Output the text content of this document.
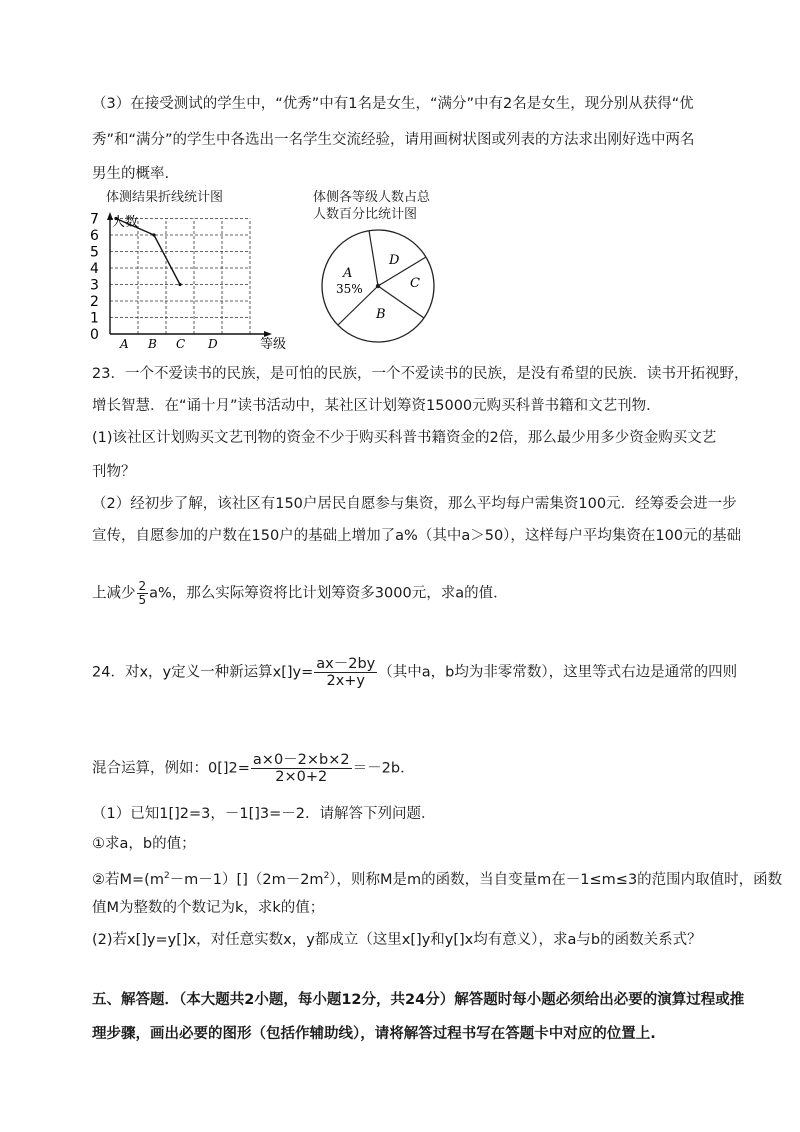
（3）在接受测试的学生中，“优秀”中有1名是女生，“满分”中有2名是女生，现分别从获得“优
秀”和“满分”的学生中各选出一名学生交流经验，请用画树状图或列表的方法求出刚好选中两名
男生的概率.
体测结果折线统计图
0
1
2
3
4
5
6
7
A B C D
人数
等级
体侧各等级人数占总
人数百分比统计图
A
35%
D
C
B
23．一个不爱读书的民族，是可怕的民族，一个不爱读书的民族，是没有希望的民族．读书开拓视野，
增长智慧．在“诵十月”读书活动中，某社区计划筹资15000元购买科普书籍和文艺刊物．
(1)该社区计划购买文艺刊物的资金不少于购买科普书籍资金的2倍，那么最少用多少资金购买文艺
刊物？
（2）经初步了解，该社区有150户居民自愿参与集资，那么平均每户需集资100元．经筹委会进一步
宣传，自愿参加的户数在150户的基础上增加了a%（其中a＞50），这样每户平均集资在100元的基础
上减少 $\frac{2}{5} a\%$，那么实际筹资将比计划筹资多3000元，求a的值．
24．对x，y定义一种新运算$x[]y= \frac{ax-2by}{2x+y}$ （其中a，b均为非零常数），这里等式右边是通常的四则
混合运算，例如：$0[]2= \frac{a\times 0-2\times b\times 2}{2\times 0+2} =-2b$．
（1）已知1[]2=3，－1[]3=－2．请解答下列问题．
①求a，b的值；
②若$M=(m^2-m-1)[](2m-2m^2)$，则称M是m的函数，当自变量m在－1≤m≤3的范围内取值时，函数
值M为整数的个数记为k，求k的值；
(2)若x[]y=y[]x，对任意实数x，y都成立（这里x[]y和y[]x均有意义），求a与b的函数关系式？
五、解答题．（本大题共2小题，每小题12分，共24分）解答题时每小题必须给出必要的演算过程或推
理步骤，画出必要的图形（包括作辅助线），请将解答过程书写在答题卡中对应的位置上.
